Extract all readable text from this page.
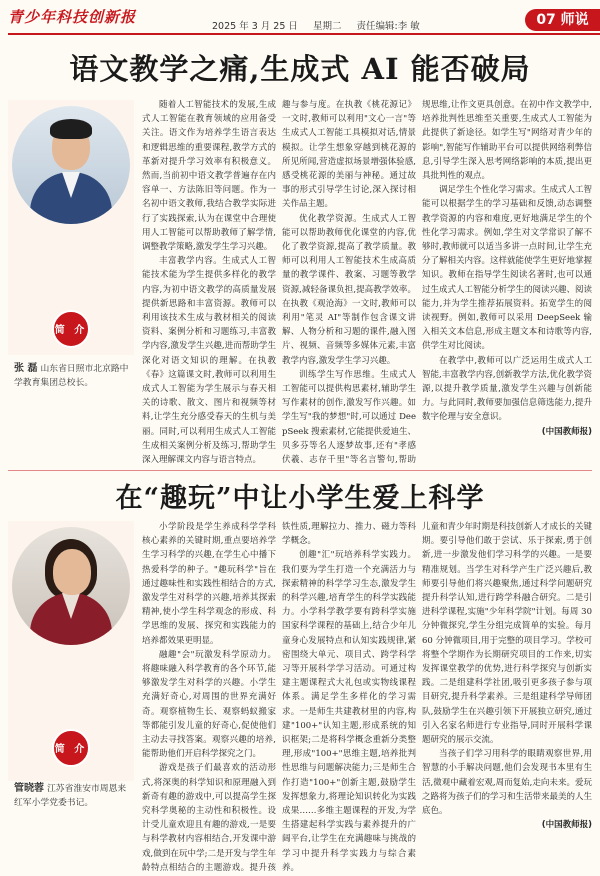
青少年科技创新报
2025 年 3 月 25 日 星期二 责任编辑:李 敏	07 师说
语文教学之痛,生成式 AI 能否破局
简 介
张 磊 山东省日照市北京路中学教育集团总校长。

随着人工智能技术的发展,生成式人工智能在教育领域的应用备受关注。语文作为培养学生语言表达和逻辑思维的重要课程,教学方式的革新对提升学习效率有积极意义。然而,当前初中语文教学普遍存在内容单一、方法陈旧等问题。作为一名初中语文教师,我结合教学实际进行了实践探索,认为在课堂中合理使用人工智能可以帮助教师了解学情,调整教学策略,激发学生学习兴趣。

丰富教学内容。生成式人工智能技术能为学生提供多样化的教学内容,为初中语文教学的高质量发展提供新思路和丰富资源。教师可以利用该技术生成与教材相关的阅读资料、案例分析和习题练习,丰富教学内容,激发学生兴趣,进而帮助学生深化对语文知识的理解。在执教《春》这篇课文时,教师可以利用生成式人工智能为学生展示与春天相关的诗歌、散文、图片和视频等材料,让学生充分感受春天的生机与美丽。同时,可以利用生成式人工智能生成相关案例分析及练习,帮助学生深入理解课文内容与语言特点。

趣与参与度。在执教《桃花源记》一文时,教师可以利用"文心一言"等生成式人工智能工具模拟对话,情景模拟。让学生想象穿越到桃花源的所见所闻,营造虚拟场景增强体验感,感受桃花源的美丽与神秘。通过故事的形式引导学生讨论,深入探讨相关作品主题。

优化教学资源。生成式人工智能可以帮助教师优化课堂的内容,优化了教学资源,提高了教学质量。教师可以利用人工智能技术生成高质量的教学课件、教案、习题等教学资源,减轻备课负担,提高教学效率。在执教《观沧海》一文时,教师可以利用"笔灵 AI"等制作包含课文讲解、人物分析和习题的课件,融入图片、视频、音频等多媒体元素,丰富教学内容,激发学生学习兴趣。

训练学生写作思维。生成式人工智能可以提供构思素材,辅助学生写作素材的创作,激发写作兴趣。如学生写"我的梦想"时,可以通过 DeepSeek 搜索素材,它能提供爱迪生、贝多芬等名人逐梦故事,还有"孝感伏羲、志存千里"等名言警句,帮助

规思维,让作文更具创意。在初中作文教学中,培养批判性思维至关重要,生成式人工智能为此提供了新途径。如学生写"网络对青少年的影响",智能写作辅助平台可以提供网络利弊信息,引导学生深入思考网络影响的本质,提出更具批判性的观点。

调足学生个性化学习需求。生成式人工智能可以根据学生的学习基础和反馈,动态调整教学资源的内容和难度,更好地满足学生的个性化学习需求。例如,学生对文学常识了解不够时,教师就可以适当多讲一点时间,让学生充分了解相关内容。这样就能使学生更好地掌握知识。教师在指导学生阅读名著时,也可以通过生成式人工智能分析学生的阅读兴趣、阅读能力,并为学生推荐拓展资料。拓宽学生的阅读视野。例如,教师可以采用 DeepSeek 输入相关文本信息,形成主题文本和诗歌等内容,供学生对比阅读。

在教学中,教师可以广泛运用生成式人工智能,丰富教学内容,创新教学方法,优化教学资源,以提升教学质量,激发学生兴趣与创新能力。与此同时,教师要加强信息筛选能力,提升数字伦理与安全意识。

(中国教师报)
在“趣玩”中让小学生爱上科学
简 介
管晓蓉 江苏省淮安市周恩来红军小学党委书记。

小学阶段是学生养成科学学科核心素养的关键时期,重点要培养学生学习科学的兴趣,在学生心中播下热爱科学的种子。"趣玩科学"旨在通过趣味性和实践性相结合的方式,激发学生对科学的兴趣,培养其探索精神,使小学生科学观念的形成、科学思维的发展、探究和实践能力的培养都效果更明显。

融趣"会"玩激发科学原动力。将趣味融入科学教育的各个环节,能够激发学生对科学的兴趣。小学生充满好奇心,对周围的世界充满好奇。观察植物生长、观察蚂蚁搬家等都能引发儿童的好奇心,促使他们主动去寻找答案。观察兴趣的培养,能帮助他们开启科学探究之门。

游戏是孩子们最喜欢的活动形式,将深奥的科学知识和原理融入到新奇有趣的游戏中,可以提高学生探究科学奥秘的主动性和积极性。设计受儿童欢迎且有趣的游戏,一是要与科学教材内容相结合,开发课中游戏,做到在玩中学;二是开发与学生年龄特点相结合的主题游戏。提升孩

铁性质,理解拉力、推力、磁力等科学概念。

创趣"汇"玩培养科学实践力。我们要为学生打造一个充满活力与探索精神的科学学习生态,激发学生的科学兴趣,培育学生的科学实践能力。小学科学教学要有跨科学实施国家科学课程的基础上,结合少年儿童身心发展特点和认知实践规律,紧密围绕大单元、项目式、跨学科学习等开展科学学习活动。可通过构建主题课程式大礼包或实物线课程体系。满足学生多样化的学习需求。一是师生共建教材里的内容,构建"100+"认知主题,形成系统的知识框架;二是将科学概念重新分类整理,形成"100+"思维主题,培养批判性思维与问题解决能力;三是师生合作打造"100+"创新主题,鼓励学生发挥想象力,将理论知识转化为实践成果……多维主题课程的开发,为学生搭建起科学实践与素养提升的广阔平台,让学生在充满趣味与挑战的学习中提升科学实践力与综合素养。

儿童和青少年时期是科技创新人才成长的关键期。要引导他们敢于尝试、乐于探索,勇于创新,进一步激发他们学习科学的兴趣。一是要精准规划。当学生对科学产生广泛兴趣后,教师要引导他们将兴趣聚焦,通过科学问题研究提升科学认知,进行跨学科融合研究。二是引进科学课程,实施"少年科学院"计划。每周 30 分钟微探究,学生分组完成简单的实验。每月 60 分钟微项目,用于完整的项目学习。学校可将整个学期作为长期研究项目的工作来,切实发挥课堂教学的优势,进行科学探究与创新实践。二是组建科学社团,吸引更多孩子参与项目研究,提升科学素养。三是组建科学导师团队,鼓励学生在兴趣引领下开展独立研究,通过引入名家名师进行专业指导,同时开展科学课题研究的展示交流。

当孩子们学习用科学的眼睛观察世界,用智慧的小手解决问题,他们会发现书本里有生活,微观中藏着宏观,周而复始,走向未来。爱玩之路将为孩子们的学习和生活带来最美的人生底色。

(中国教师报)
